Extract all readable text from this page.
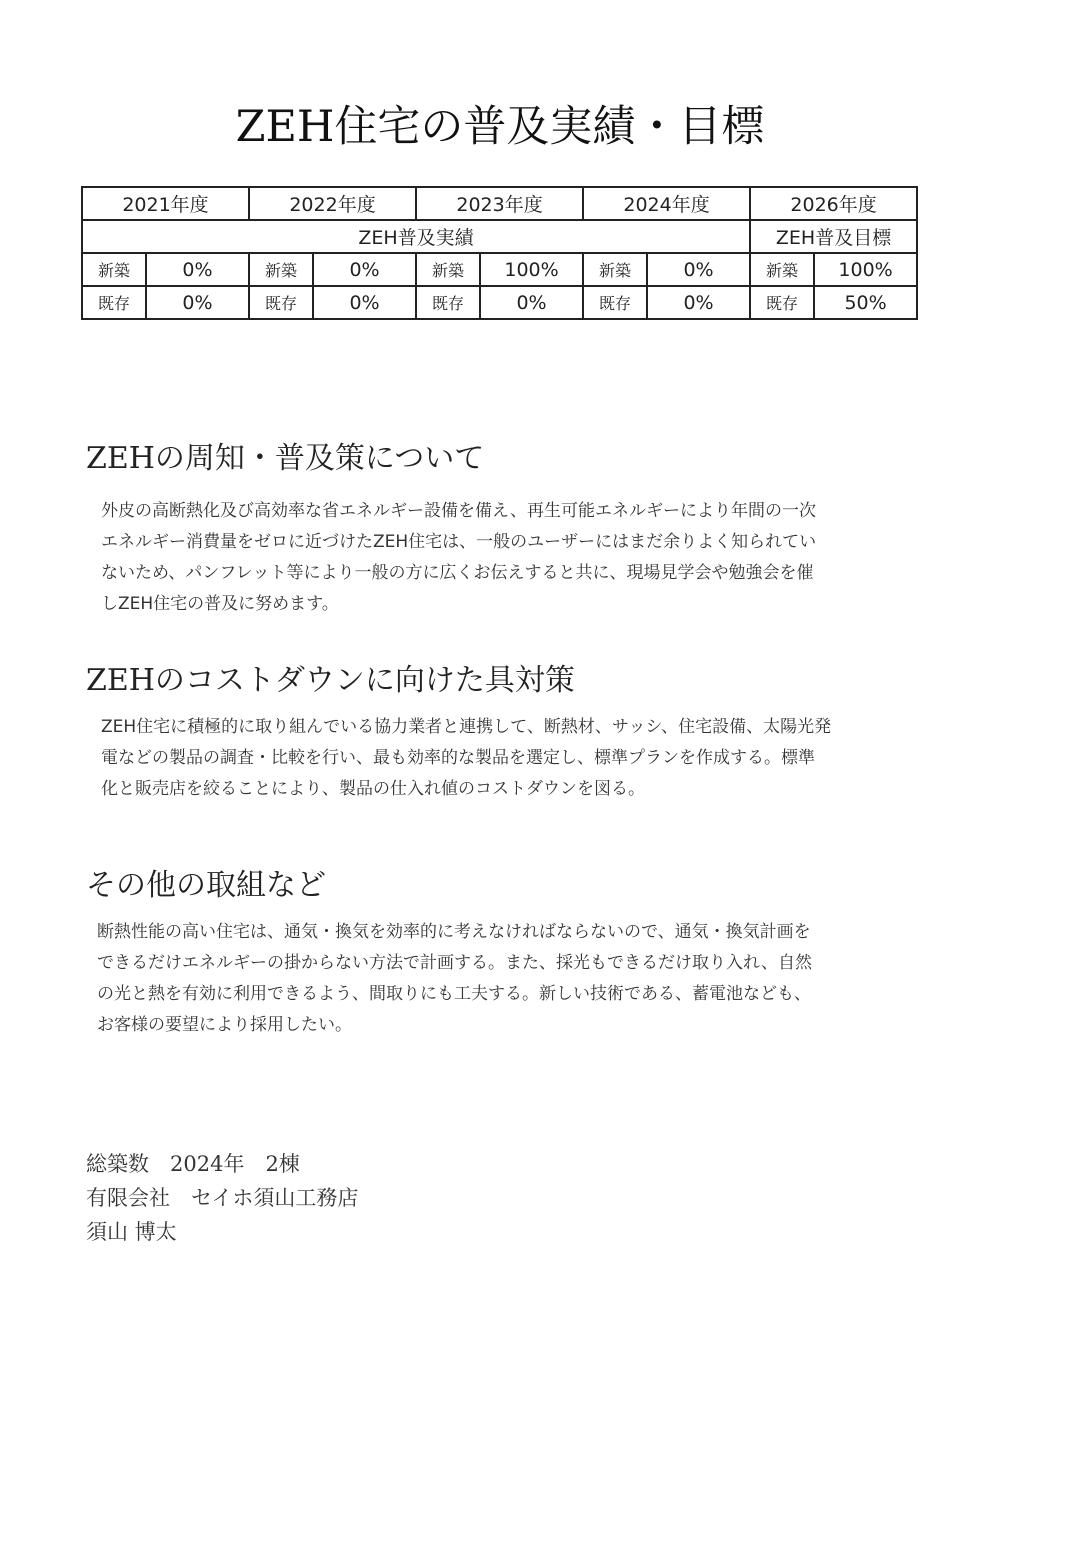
ZEH住宅の普及実績・目標
2021年度		2022年度		2023年度		2024年度		2026年度	
ZEH普及実績								ZEH普及目標	
新築	0%	新築	0%	新築	100%	新築	0%	新築	100%
既存	0%	既存	0%	既存	0%	既存	0%	既存	50%
ZEHの周知・普及策について
外皮の高断熱化及び高効率な省エネルギー設備を備え、再生可能エネルギーにより年間の一次
エネルギー消費量をゼロに近づけたZEH住宅は、一般のユーザーにはまだ余りよく知られてい
ないため、パンフレット等により一般の方に広くお伝えすると共に、現場見学会や勉強会を催
しZEH住宅の普及に努めます。
ZEHのコストダウンに向けた具対策
ZEH住宅に積極的に取り組んでいる協力業者と連携して、断熱材、サッシ、住宅設備、太陽光発
電などの製品の調査・比較を行い、最も効率的な製品を選定し、標準プランを作成する。標準
化と販売店を絞ることにより、製品の仕入れ値のコストダウンを図る。
その他の取組など
断熱性能の高い住宅は、通気・換気を効率的に考えなければならないので、通気・換気計画を
できるだけエネルギーの掛からない方法で計画する。また、採光もできるだけ取り入れ、自然
の光と熱を有効に利用できるよう、間取りにも工夫する。新しい技術である、蓄電池なども、
お客様の要望により採用したい。
総築数　2024年　2棟
有限会社　セイホ須山工務店
須山 博太
